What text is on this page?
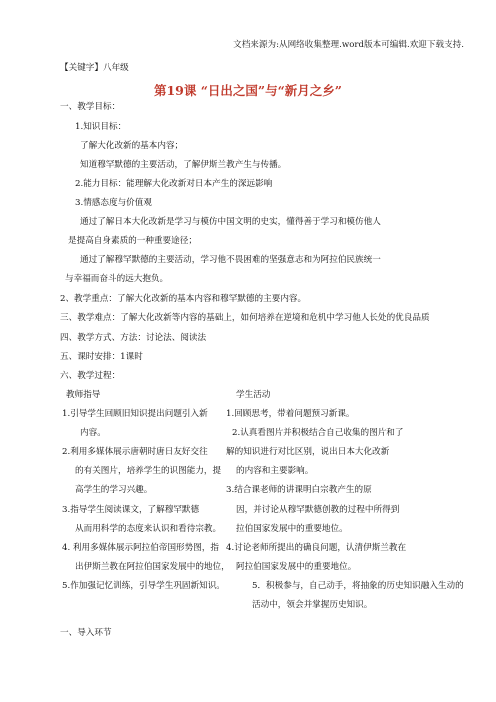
文档来源为:从网络收集整理.word版本可编辑.欢迎下载支持.
【关键字】八年级
第19课 “日出之国”与“新月之乡”
一、教学目标：
1.知识目标：
了解大化改新的基本内容；
知道穆罕默德的主要活动，了解伊斯兰教产生与传播。
2.能力目标：能理解大化改新对日本产生的深远影响
3.情感态度与价值观
通过了解日本大化改新是学习与模仿中国文明的史实，懂得善于学习和模仿他人
是提高自身素质的一种重要途径；
通过了解穆罕默德的主要活动，学习他不畏困难的坚强意志和为阿拉伯民族统一
与幸福而奋斗的远大抱负。
2、教学重点：了解大化改新的基本内容和穆罕默德的主要内容。
三、教学难点：了解大化改新等内容的基础上，如何培养在逆境和危机中学习他人长处的优良品质
四、教学方式、方法：讨论法、阅读法
五、课时安排：1课时
六、教学过程：
教师指导	学生活动
1.引导学生回顾旧知识提出问题引入新
内容。
2.利用多媒体展示唐朝时唐日友好交往
的有关图片，培养学生的识图能力，提
高学生的学习兴趣。
3.指导学生阅读课文，了解穆罕默德
从而用科学的态度来认识和看待宗教。
4. 利用多媒体展示阿拉伯帝国形势图，指
出伊斯兰教在阿拉伯国家发展中的地位，
5.作加强记忆训练，引导学生巩固新知识。
1.回顾思考，带着问题预习新课。
2.认真看图片并积极结合自己收集的图片和了
解的知识进行对比区别，说出日本大化改新
的内容和主要影响。
3.结合课老师的讲课明白宗教产生的原
因，并讨论从穆罕默德创教的过程中所得到
拉伯国家发展中的重要地位。
4.讨论老师所提出的确良问题，认清伊斯兰教在
阿拉伯国家发展中的重要地位。
5．积极参与，自己动手，将抽象的历史知识融入生动的
活动中，领会并掌握历史知识。
一、导入环节
